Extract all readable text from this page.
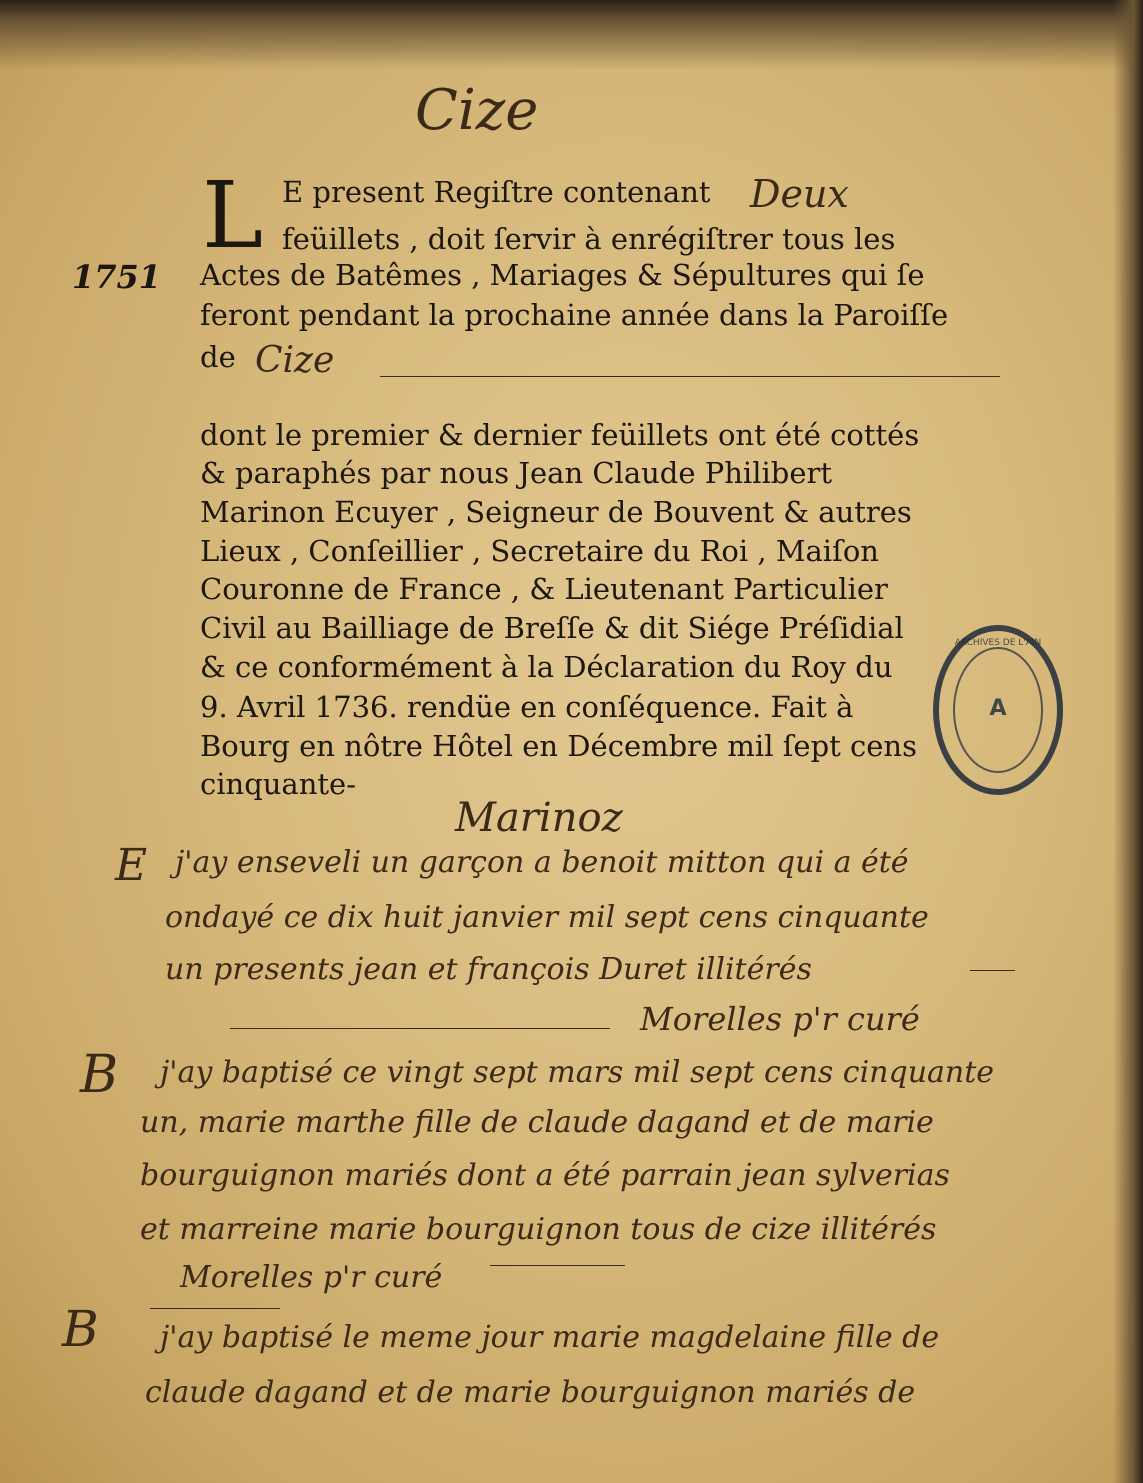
Cize
1751
L E present Regiſtre contenant Deux
feüillets , doit ſervir à enrégiſtrer tous les
Actes de Batêmes , Mariages & Sépultures qui ſe
feront pendant la prochaine année dans la Paroiſſe
de Cize
dont le premier & dernier feüillets ont été cottés
& paraphés par nous Jean Claude Philibert
Marinon Ecuyer , Seigneur de Bouvent & autres
Lieux , Conſeillier , Secretaire du Roi , Maiſon
Couronne de France , & Lieutenant Particulier
Civil au Bailliage de Breſſe & dit Siége Préſidial
& ce conformément à la Déclaration du Roy du
9. Avril 1736. rendüe en conſéquence. Fait à
Bourg en nôtre Hôtel en Décembre mil ſept cens
cinquante-
Marinoz
A
ARCHIVES DE L'AIN
E j'ay enseveli un garçon a benoit mitton qui a été
ondayé ce dix huit janvier mil sept cens cinquante
un presents jean et françois Duret illitérés
Morelles p'r curé
B j'ay baptisé ce vingt sept mars mil sept cens cinquante
un, marie marthe fille de claude dagand et de marie
bourguignon mariés dont a été parrain jean sylverias
et marreine marie bourguignon tous de cize illitérés
Morelles p'r curé
B j'ay baptisé le meme jour marie magdelaine fille de
claude dagand et de marie bourguignon mariés de
